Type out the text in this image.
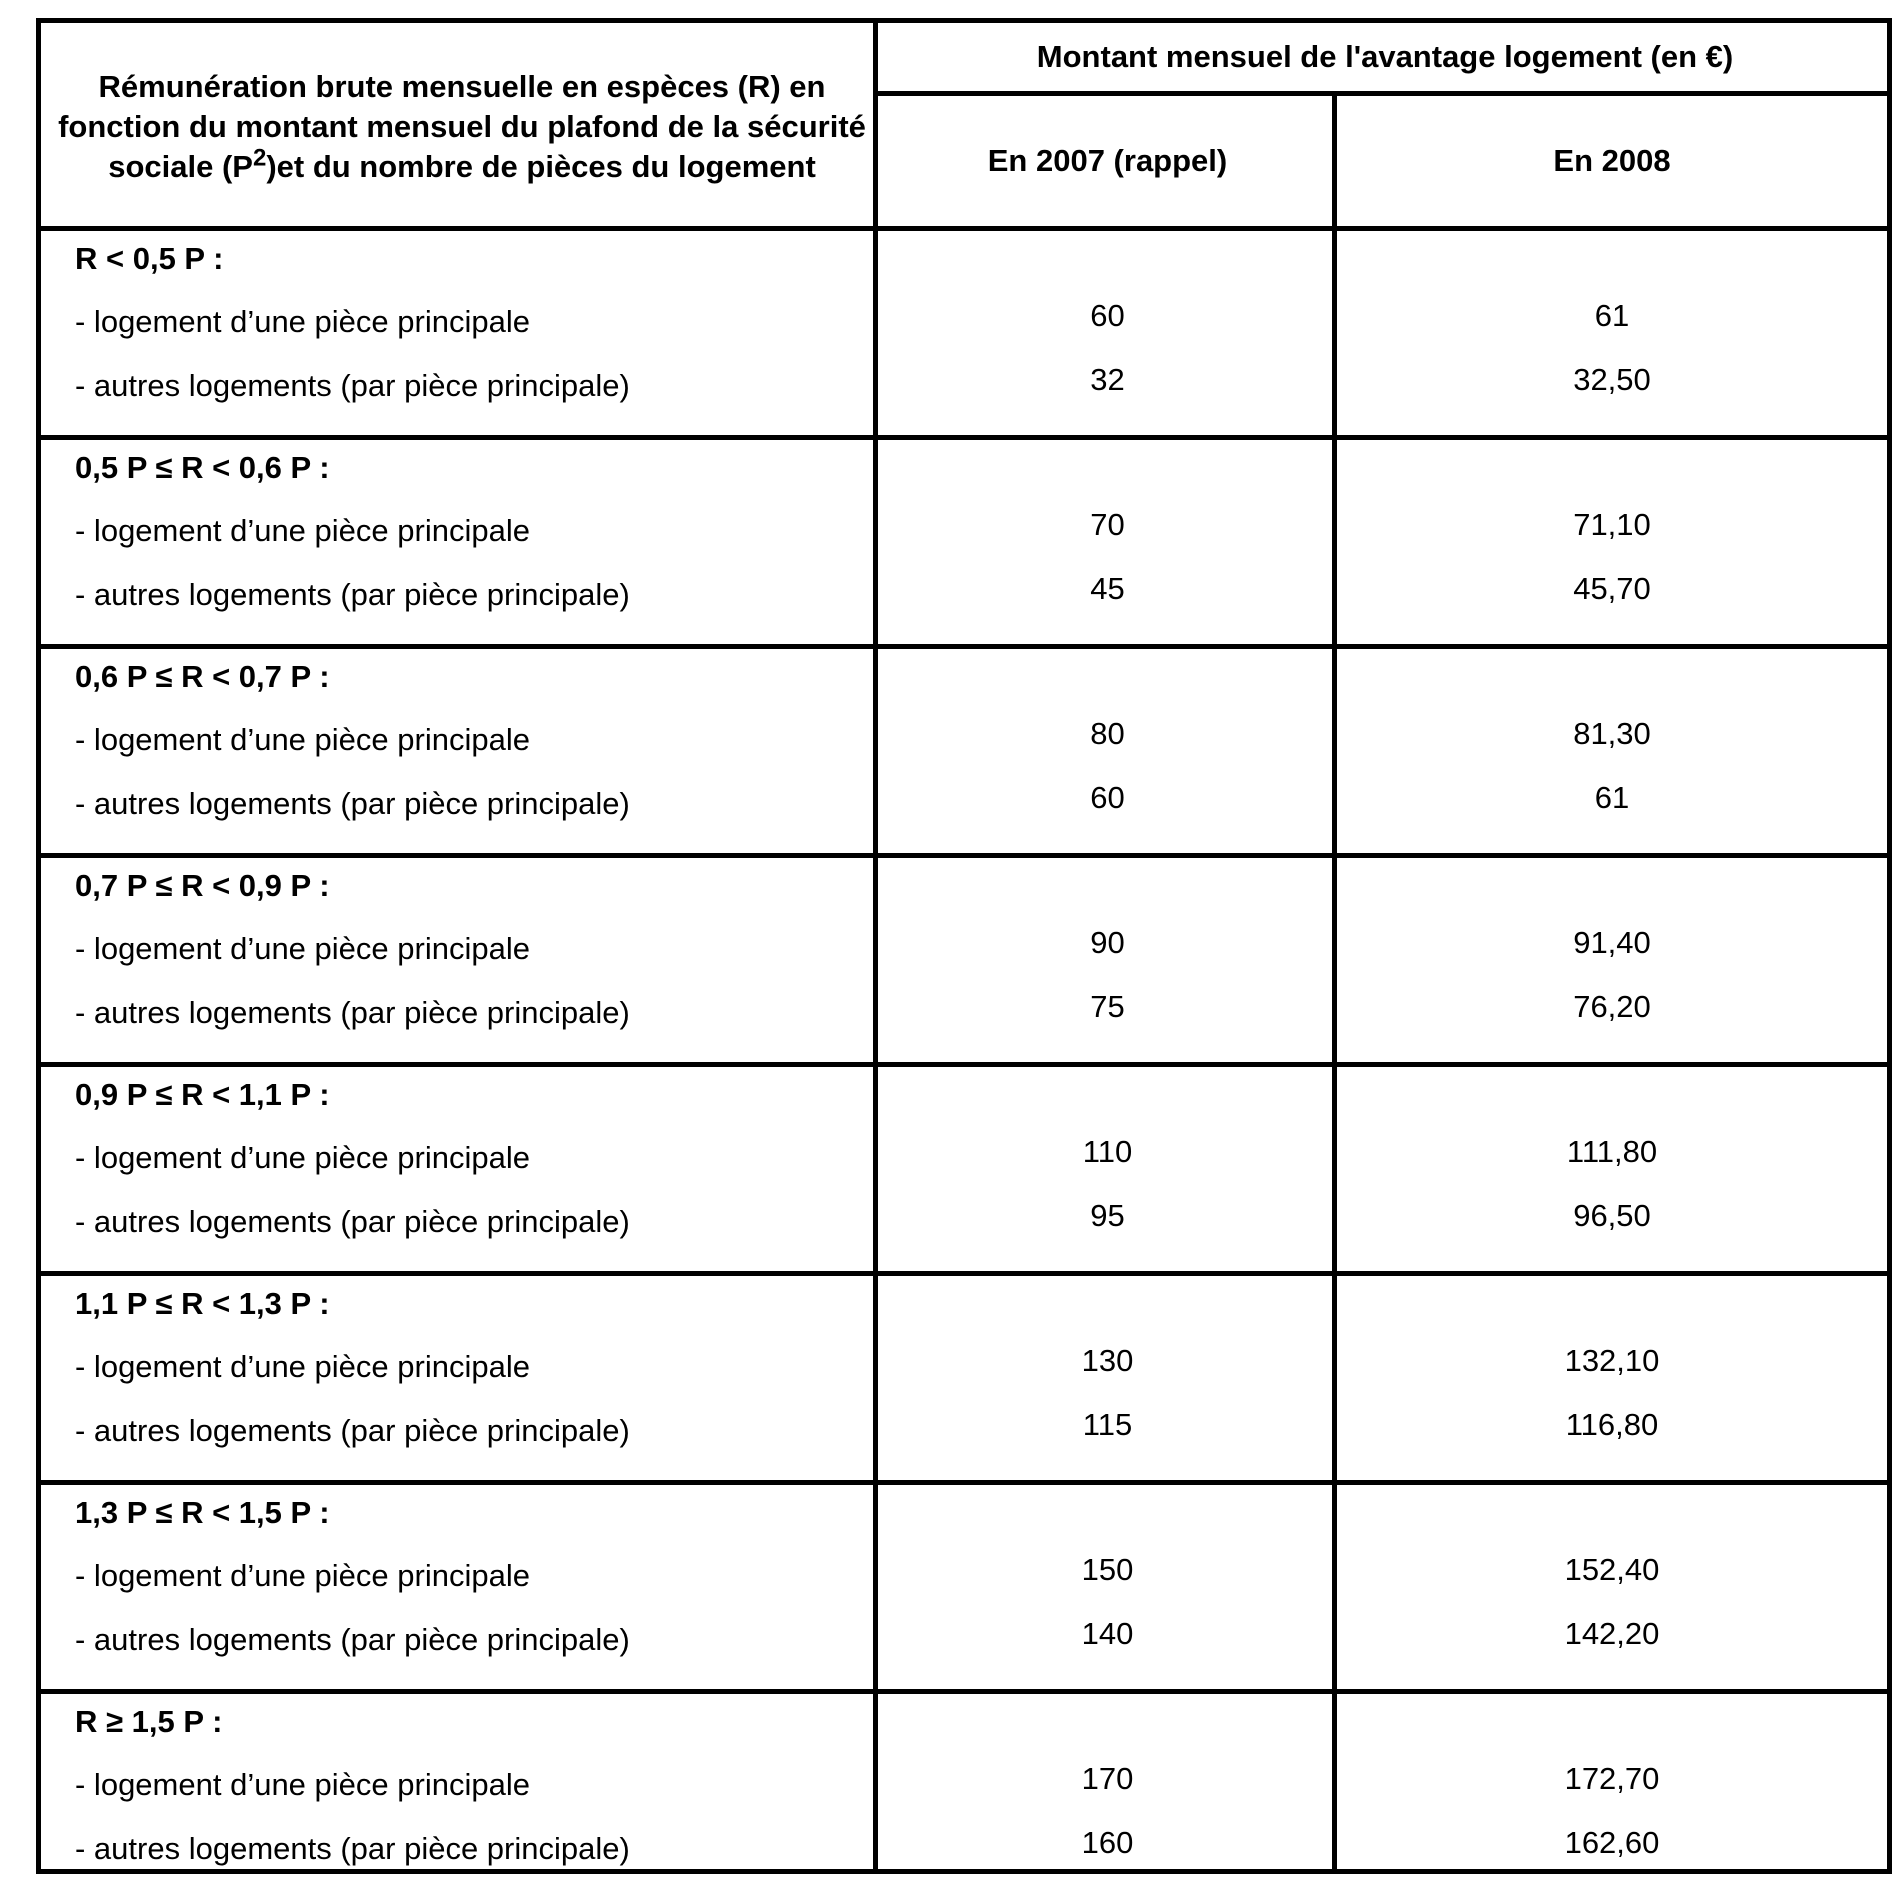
Rémunération brute mensuelle en espèces (R) en fonction du montant mensuel du plafond de la sécurité sociale $(P^2)et$ du nombre de pièces du logement
Montant mensuel de l'avantage logement (en €)
En 2007 (rappel)	En 2008
R < 0,5 P :
- logement d’une pièce principale	60	61
- autres logements (par pièce principale)	32	32,50
0,5 P ≤ R < 0,6 P :
- logement d’une pièce principale	70	71,10
- autres logements (par pièce principale)	45	45,70
0,6 P ≤ R < 0,7 P :
- logement d’une pièce principale	80	81,30
- autres logements (par pièce principale)	60	61
0,7 P ≤ R < 0,9 P :
- logement d’une pièce principale	90	91,40
- autres logements (par pièce principale)	75	76,20
0,9 P ≤ R < 1,1 P :
- logement d’une pièce principale	110	111,80
- autres logements (par pièce principale)	95	96,50
1,1 P ≤ R < 1,3 P :
- logement d’une pièce principale	130	132,10
- autres logements (par pièce principale)	115	116,80
1,3 P ≤ R < 1,5 P :
- logement d’une pièce principale	150	152,40
- autres logements (par pièce principale)	140	142,20
R ≥ 1,5 P :
- logement d’une pièce principale	170	172,70
- autres logements (par pièce principale)	160	162,60
